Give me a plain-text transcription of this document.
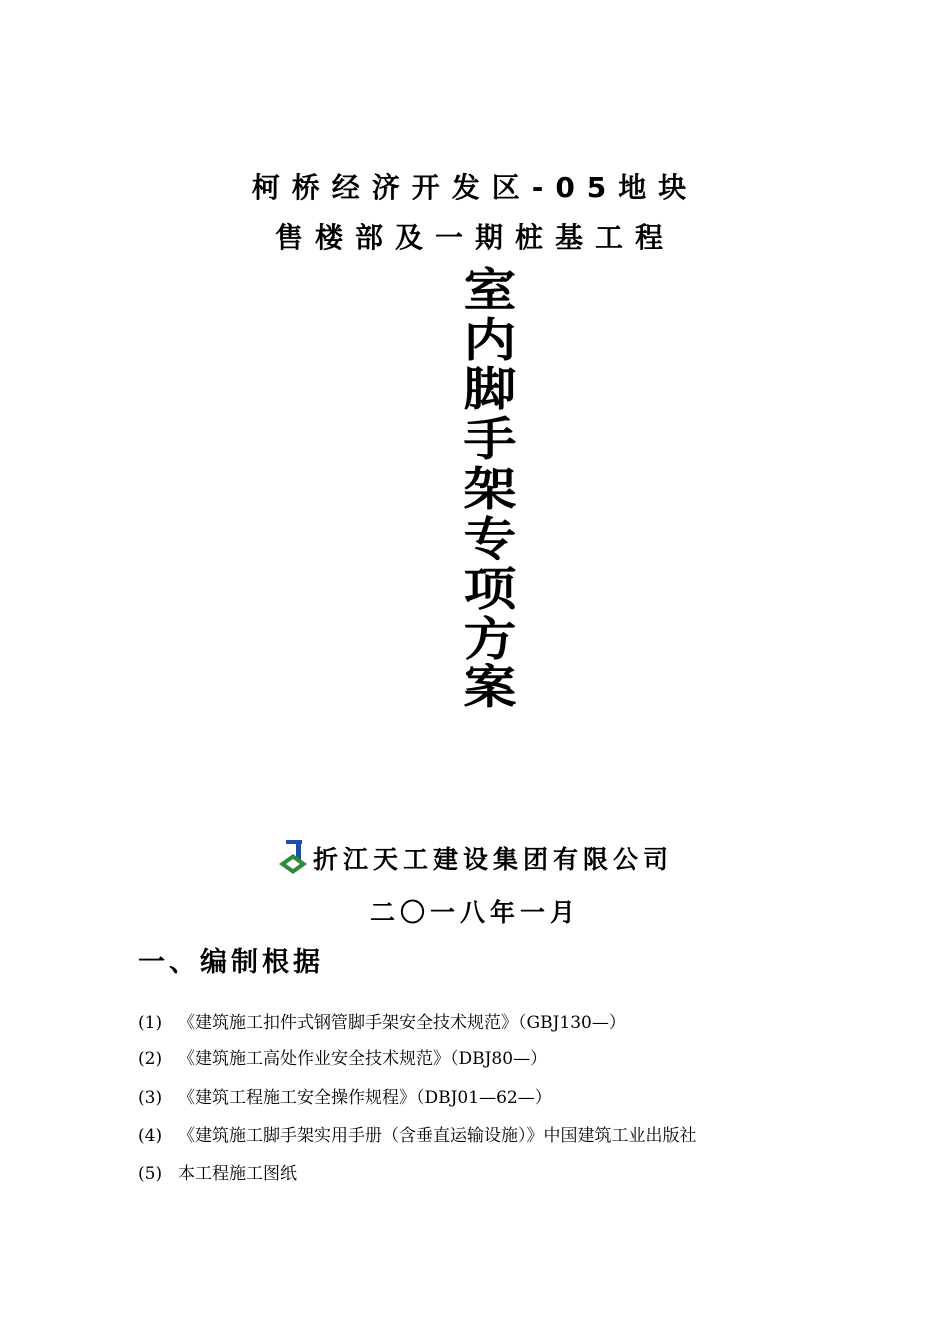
柯桥经济开发区-05地块
售楼部及一期桩基工程
室
内
脚
手
架
专
项
方
案
折江天工建设集团有限公司
二〇一八年一月
一、编制根据
(1) 《建筑施工扣件式钢管脚手架安全技术规范》（GBJ130—）
(2) 《建筑施工高处作业安全技术规范》（DBJ80—）
(3) 《建筑工程施工安全操作规程》（DBJ01—62—）
(4) 《建筑施工脚手架实用手册（含垂直运输设施）》中国建筑工业出版社
(5) 本工程施工图纸
